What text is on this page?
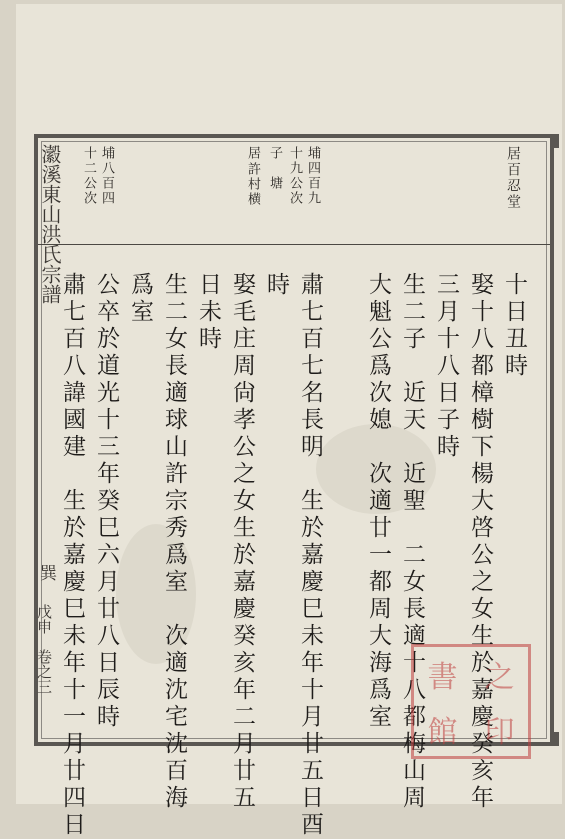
瀫溪東山洪氏宗譜	居百忍堂
埔八百四
十二公次	埔四百九
十九公次
子
塘
許村横
居

十日丑時
娶十八都樟樹下楊大啓公之女生於嘉慶癸亥年
三月十八日子時
生二子　近天　近聖　二女長適十八都梅山周
大魁公爲次媳　次適廿一都周大海爲室
肅七百七名長明　生於嘉慶巳未年十月廿五日酉
時
娶毛庄周尙孝公之女生於嘉慶癸亥年二月廿五
日未時
生二女長適球山許宗秀爲室　次適沈宅沈百海
爲室
公卒於道光十三年癸巳六月廿八日辰時
肅七百八諱國建　生於嘉慶巳未年十一月廿四日
巽
戊申　卷之三	書 之
館 印
